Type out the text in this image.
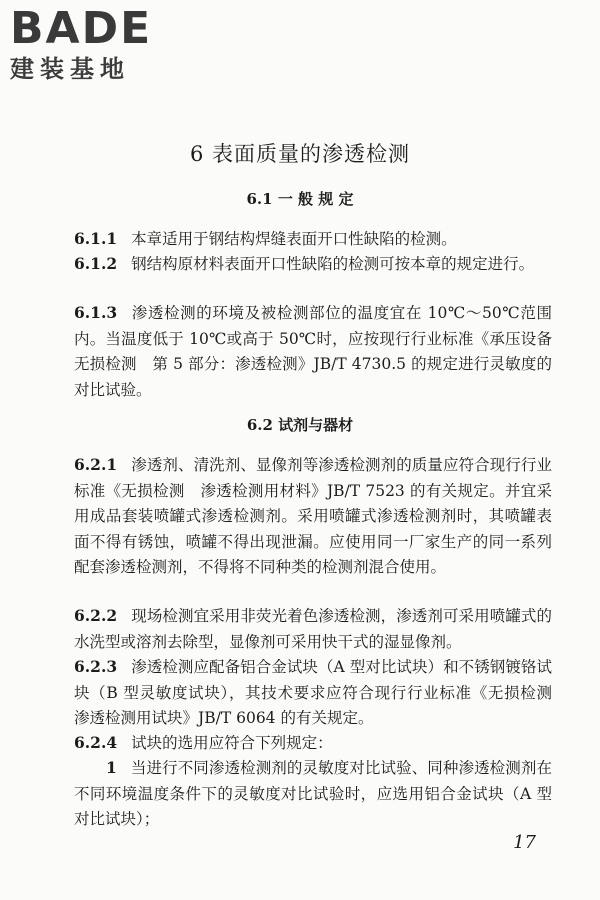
BADE
建装基地
6 表面质量的渗透检测
6.1 一 般 规 定
6.1.1 本章适用于钢结构焊缝表面开口性缺陷的检测。
6.1.2 钢结构原材料表面开口性缺陷的检测可按本章的规定进行。
6.1.3 渗透检测的环境及被检测部位的温度宜在 10℃～50℃范围内。当温度低于 10℃或高于 50℃时，应按现行行业标准《承压设备无损检测　第 5 部分：渗透检测》JB/T 4730.5 的规定进行灵敏度的对比试验。
6.2 试剂与器材
6.2.1 渗透剂、清洗剂、显像剂等渗透检测剂的质量应符合现行行业标准《无损检测　渗透检测用材料》JB/T 7523 的有关规定。并宜采用成品套装喷罐式渗透检测剂。采用喷罐式渗透检测剂时，其喷罐表面不得有锈蚀，喷罐不得出现泄漏。应使用同一厂家生产的同一系列配套渗透检测剂，不得将不同种类的检测剂混合使用。
6.2.2 现场检测宜采用非荧光着色渗透检测，渗透剂可采用喷罐式的水洗型或溶剂去除型，显像剂可采用快干式的湿显像剂。
6.2.3 渗透检测应配备铝合金试块（A 型对比试块）和不锈钢镀铬试块（B 型灵敏度试块），其技术要求应符合现行行业标准《无损检测　渗透检测用试块》JB/T 6064 的有关规定。
6.2.4 试块的选用应符合下列规定：
1 当进行不同渗透检测剂的灵敏度对比试验、同种渗透检测剂在不同环境温度条件下的灵敏度对比试验时，应选用铝合金试块（A 型对比试块）；
17
